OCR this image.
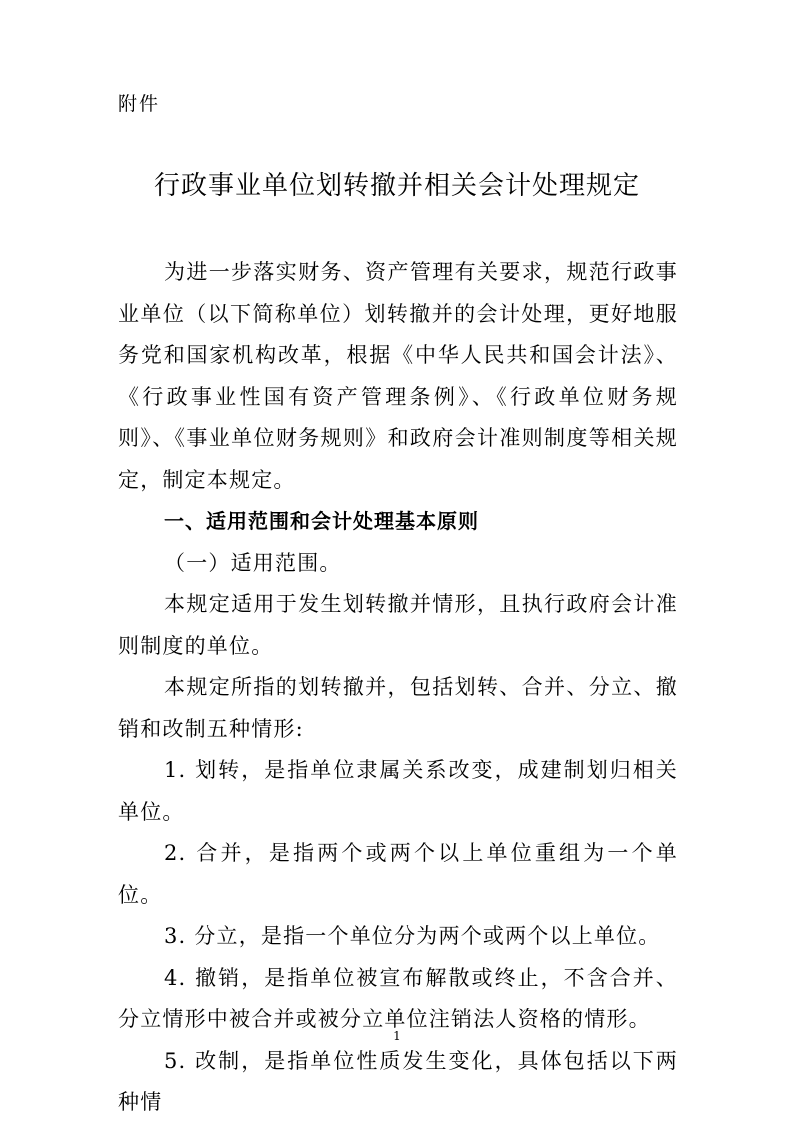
附件
行政事业单位划转撤并相关会计处理规定

为进一步落实财务、资产管理有关要求，规范行政事业单位（以下简称单位）划转撤并的会计处理，更好地服务党和国家机构改革，根据《中华人民共和国会计法》、《行政事业性国有资产管理条例》、《行政单位财务规则》、《事业单位财务规则》和政府会计准则制度等相关规定，制定本规定。

一、适用范围和会计处理基本原则

（一）适用范围。

本规定适用于发生划转撤并情形，且执行政府会计准则制度的单位。

本规定所指的划转撤并，包括划转、合并、分立、撤销和改制五种情形:

1. 划转，是指单位隶属关系改变，成建制划归相关单位。

2. 合并，是指两个或两个以上单位重组为一个单位。

3. 分立，是指一个单位分为两个或两个以上单位。

4. 撤销，是指单位被宣布解散或终止，不含合并、分立情形中被合并或被分立单位注销法人资格的情形。

5. 改制，是指单位性质发生变化，具体包括以下两种情

1
